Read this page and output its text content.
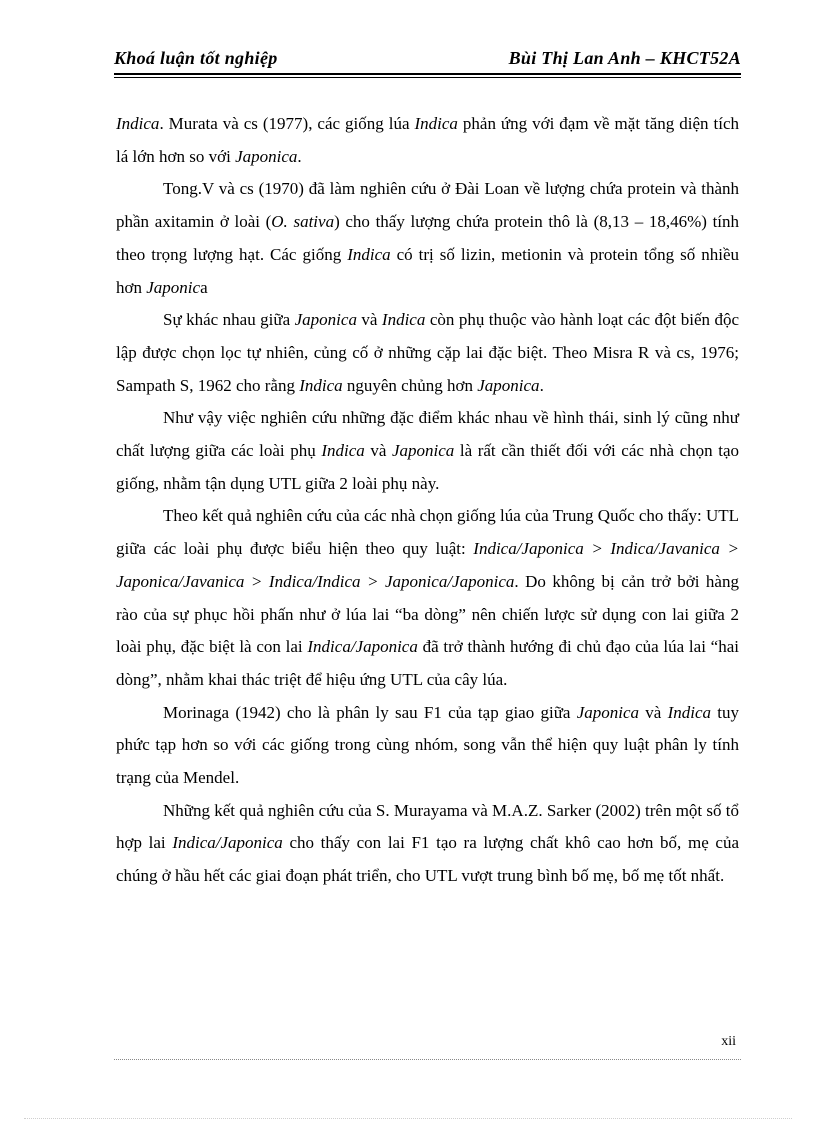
Khoá luận tốt nghiệp	Bùi Thị Lan Anh – KHCT52A

Indica. Murata và cs (1977), các giống lúa Indica phản ứng với đạm về mặt tăng diện tích lá lớn hơn so với Japonica.

Tong.V và cs (1970) đã làm nghiên cứu ở Đài Loan về lượng chứa protein và thành phần axitamin ở loài (O. sativa) cho thấy lượng chứa protein thô là (8,13 – 18,46%) tính theo trọng lượng hạt. Các giống Indica có trị số lizin, metionin và protein tổng số nhiều hơn Japonica

Sự khác nhau giữa Japonica và Indica còn phụ thuộc vào hành loạt các đột biến độc lập được chọn lọc tự nhiên, củng cố ở những cặp lai đặc biệt. Theo Misra R và cs, 1976; Sampath S, 1962 cho rằng Indica nguyên chủng hơn Japonica.

Như vậy việc nghiên cứu những đặc điểm khác nhau về hình thái, sinh lý cũng như chất lượng giữa các loài phụ Indica và Japonica là rất cần thiết đối với các nhà chọn tạo giống, nhằm tận dụng UTL giữa 2 loài phụ này.

Theo kết quả nghiên cứu của các nhà chọn giống lúa của Trung Quốc cho thấy: UTL giữa các loài phụ được biểu hiện theo quy luật: Indica/Japonica > Indica/Javanica > Japonica/Javanica > Indica/Indica > Japonica/Japonica. Do không bị cản trở bởi hàng rào của sự phục hồi phấn như ở lúa lai “ba dòng” nên chiến lược sử dụng con lai giữa 2 loài phụ, đặc biệt là con lai Indica/Japonica đã trở thành hướng đi chủ đạo của lúa lai “hai dòng”, nhằm khai thác triệt để hiệu ứng UTL của cây lúa.

Morinaga (1942) cho là phân ly sau F1 của tạp giao giữa Japonica và Indica tuy phức tạp hơn so với các giống trong cùng nhóm, song vẫn thể hiện quy luật phân ly tính trạng của Mendel.

Những kết quả nghiên cứu của S. Murayama và M.A.Z. Sarker (2002) trên một số tổ hợp lai Indica/Japonica cho thấy con lai F1 tạo ra lượng chất khô cao hơn bố, mẹ của chúng ở hầu hết các giai đoạn phát triển, cho UTL vượt trung bình bố mẹ, bố mẹ tốt nhất.

xii
